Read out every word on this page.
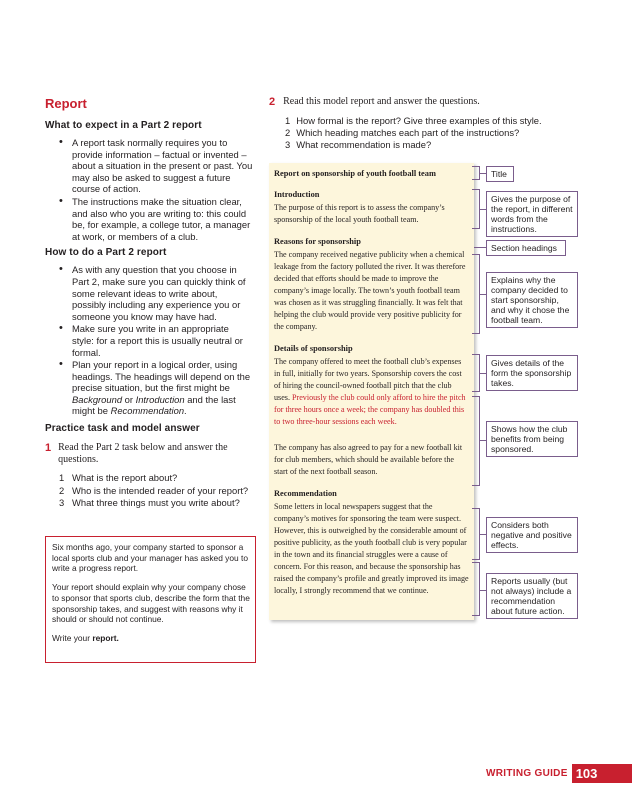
Report
What to expect in a Part 2 report
• A report task normally requires you to provide information – factual or invented – about a situation in the present or past. You may also be asked to suggest a future course of action.
• The instructions make the situation clear, and also who you are writing to: this could be, for example, a college tutor, a manager at work, or members of a club.
How to do a Part 2 report
• As with any question that you choose in Part 2, make sure you can quickly think of some relevant ideas to write about, possibly including any experience you or someone you know may have had.
• Make sure you write in an appropriate style: for a report this is usually neutral or formal.
• Plan your report in a logical order, using headings. The headings will depend on the precise situation, but the first might be Background or Introduction and the last might be Recommendation.
Practice task and model answer
1 Read the Part 2 task below and answer the questions.
1 What is the report about?
2 Who is the intended reader of your report?
3 What three things must you write about?

Six months ago, your company started to sponsor a local sports club and your manager has asked you to write a progress report.

Your report should explain why your company chose to sponsor that sports club, describe the form that the sponsorship takes, and suggest with reasons why it should or should not continue.

Write your report.

2 Read this model report and answer the questions.
1 How formal is the report? Give three examples of this style.
2 Which heading matches each part of the instructions?
3 What recommendation is made?
Report on sponsorship of youth football team
Introduction
The purpose of this report is to assess the company’s sponsorship of the local youth football team.
Reasons for sponsorship
The company received negative publicity when a chemical leakage from the factory polluted the river. It was therefore decided that efforts should be made to improve the company’s image locally. The town’s youth football team was chosen as it was struggling financially. It was felt that helping the club would provide very positive publicity for the company.
Details of sponsorship
The company offered to meet the football club’s expenses in full, initially for two years. Sponsorship covers the cost of hiring the council-owned football pitch that the club uses. Previously the club could only afford to hire the pitch for three hours once a week; the company has doubled this to two three-hour sessions each week.
The company has also agreed to pay for a new football kit for club members, which should be available before the start of the next football season.
Recommendation
Some letters in local newspapers suggest that the company’s motives for sponsoring the team were suspect. However, this is outweighed by the considerable amount of positive publicity, as the youth football club is very popular in the town and its financial struggles were a cause of concern. For this reason, and because the sponsorship has raised the company’s profile and greatly improved its image locally, I strongly recommend that we continue.
Title
Gives the purpose of the report, in different words from the instructions.
Section headings
Explains why the company decided to start sponsorship, and why it chose the football team.
Gives details of the form the sponsorship takes.
Shows how the club benefits from being sponsored.
Considers both negative and positive effects.
Reports usually (but not always) include a recommendation about future action.
WRITING GUIDE 103
